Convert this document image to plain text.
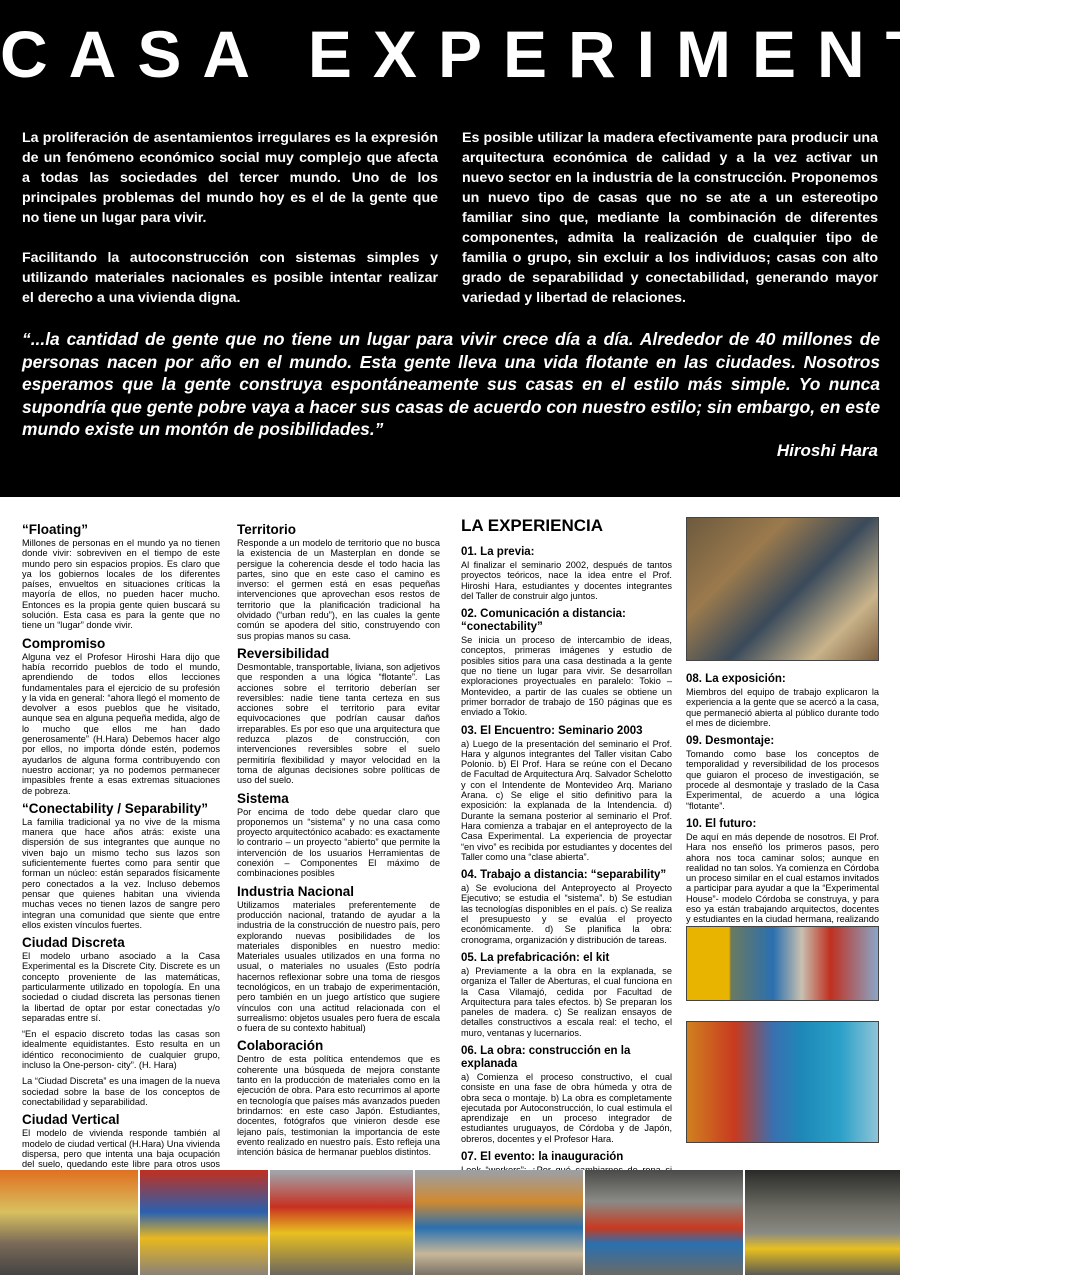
CASA EXPERIMENTAL

La proliferación de asentamientos irregulares es la expresión de un fenómeno económico social muy complejo que afecta a todas las sociedades del tercer mundo. Uno de los principales problemas del mundo hoy es el de la gente que no tiene un lugar para vivir.

Facilitando la autoconstrucción con sistemas simples y utilizando materiales nacionales es posible intentar realizar el derecho a una vivienda digna.

Es posible utilizar la madera efectivamente para producir una arquitectura económica de calidad y a la vez activar un nuevo sector en la industria de la construcción. Proponemos un nuevo tipo de casas que no se ate a un estereotipo familiar sino que, mediante la combinación de diferentes componentes, admita la realización de cualquier tipo de familia o grupo, sin excluir a los individuos; casas con alto grado de separabilidad y conectabilidad, generando mayor variedad y libertad de relaciones.

“...la cantidad de gente que no tiene un lugar para vivir crece día a día. Alrededor de 40 millones de personas nacen por año en el mundo. Esta gente lleva una vida flotante en las ciudades. Nosotros esperamos que la gente construya espontáneamente sus casas en el estilo más simple. Yo nunca supondría que gente pobre vaya a hacer sus casas de acuerdo con nuestro estilo; sin embargo, en este mundo existe un montón de posibilidades.”
Hiroshi Hara
“Floating”

Millones de personas en el mundo ya no tienen donde vivir: sobreviven en el tiempo de este mundo pero sin espacios propios. Es claro que ya los gobiernos locales de los diferentes países, envueltos en situaciones críticas la mayoría de ellos, no pueden hacer mucho. Entonces es la propia gente quien buscará su solución. Esta casa es para la gente que no tiene un “lugar” donde vivir.

Compromiso

Alguna vez el Profesor Hiroshi Hara dijo que había recorrido pueblos de todo el mundo, aprendiendo de todos ellos lecciones fundamentales para el ejercicio de su profesión y la vida en general: “ahora llegó el momento de devolver a esos pueblos que he visitado, aunque sea en alguna pequeña medida, algo de lo mucho que ellos me han dado generosamente” (H.Hara) Debemos hacer algo por ellos, no importa dónde estén, podemos ayudarlos de alguna forma contribuyendo con nuestro accionar; ya no podemos permanecer impasibles frente a esas extremas situaciones de pobreza.

“Conectability / Separability”

La familia tradicional ya no vive de la misma manera que hace años atrás: existe una dispersión de sus integrantes que aunque no viven bajo un mismo techo sus lazos son suficientemente fuertes como para sentir que forman un núcleo: están separados físicamente pero conectados a la vez. Incluso debemos pensar que quienes habitan una vivienda muchas veces no tienen lazos de sangre pero integran una comunidad que siente que entre ellos existen vínculos fuertes.

Ciudad Discreta

El modelo urbano asociado a la Casa Experimental es la Discrete City. Discrete es un concepto proveniente de las matemáticas, particularmente utilizado en topología. En una sociedad o ciudad discreta las personas tienen la libertad de optar por estar conectadas y/o separadas entre sí.

“En el espacio discreto todas las casas son idealmente equidistantes. Esto resulta en un idéntico reconocimiento de cualquier grupo, incluso la One-person- city”. (H. Hara)

La “Ciudad Discreta” es una imagen de la nueva sociedad sobre la base de los conceptos de conectabilidad y separabilidad.

Ciudad Vertical

El modelo de vivienda responde también al modelo de ciudad vertical (H.Hara) Una vivienda dispersa, pero que intenta una baja ocupación del suelo, quedando este libre para otros usos

Territorio

Responde a un modelo de territorio que no busca la existencia de un Masterplan en donde se persigue la coherencia desde el todo hacia las partes, sino que en este caso el camino es inverso: el germen está en esas pequeñas intervenciones que aprovechan esos restos de territorio que la planificación tradicional ha olvidado (“urban redu”), en las cuales la gente común se apodera del sitio, construyendo con sus propias manos su casa.

Reversibilidad

Desmontable, transportable, liviana, son adjetivos que responden a una lógica “flotante”. Las acciones sobre el territorio deberían ser reversibles: nadie tiene tanta certeza en sus acciones sobre el territorio para evitar equivocaciones que podrían causar daños irreparables. Es por eso que una arquitectura que reduzca plazos de construcción, con intervenciones reversibles sobre el suelo permitiría flexibilidad y mayor velocidad en la toma de algunas decisiones sobre políticas de uso del suelo.

Sistema

Por encima de todo debe quedar claro que proponemos un “sistema” y no una casa como proyecto arquitectónico acabado: es exactamente lo contrario – un proyecto “abierto” que permite la intervención de los usuarios Herramientas de conexión – Componentes El máximo de combinaciones posibles

Industria Nacional

Utilizamos materiales preferentemente de producción nacional, tratando de ayudar a la industria de la construcción de nuestro país, pero explorando nuevas posibilidades de los materiales disponibles en nuestro medio: Materiales usuales utilizados en una forma no usual, o materiales no usuales (Esto podría hacernos reflexionar sobre una toma de riesgos tecnológicos, en un trabajo de experimentación, pero también en un juego artístico que sugiere vínculos con una actitud relacionada con el surrealismo: objetos usuales pero fuera de escala o fuera de su contexto habitual)

Colaboración

Dentro de esta política entendemos que es coherente una búsqueda de mejora constante tanto en la producción de materiales como en la ejecución de obra. Para esto recurrimos al aporte en tecnología que países más avanzados pueden brindarnos: en este caso Japón. Estudiantes, docentes, fotógrafos que vinieron desde ese lejano país, testimonian la importancia de este evento realizado en nuestro país. Esto refleja una intención básica de hermanar pueblos distintos.

LA EXPERIENCIA
01. La previa:

Al finalizar el seminario 2002, después de tantos proyectos teóricos, nace la idea entre el Prof. Hiroshi Hara, estudiantes y docentes integrantes del Taller de construir algo juntos.

02. Comunicación a distancia: “conectability”

Se inicia un proceso de intercambio de ideas, conceptos, primeras imágenes y estudio de posibles sitios para una casa destinada a la gente que no tiene un lugar para vivir. Se desarrollan exploraciones proyectuales en paralelo: Tokio – Montevideo, a partir de las cuales se obtiene un primer borrador de trabajo de 150 páginas que es enviado a Tokio.

03. El Encuentro: Seminario 2003

a) Luego de la presentación del seminario el Prof. Hara y algunos integrantes del Taller visitan Cabo Polonio. b) El Prof. Hara se reúne con el Decano de Facultad de Arquitectura Arq. Salvador Schelotto y con el Intendente de Montevideo Arq. Mariano Arana. c) Se elige el sitio definitivo para la exposición: la explanada de la Intendencia. d) Durante la semana posterior al seminario el Prof. Hara comienza a trabajar en el anteproyecto de la Casa Experimental. La experiencia de proyectar “en vivo” es recibida por estudiantes y docentes del Taller como una “clase abierta”.

04. Trabajo a distancia: “separability”

a) Se evoluciona del Anteproyecto al Proyecto Ejecutivo; se estudia el “sistema”. b) Se estudian las tecnologías disponibles en el país. c) Se realiza el presupuesto y se evalúa el proyecto económicamente. d) Se planifica la obra: cronograma, organización y distribución de tareas.

05. La prefabricación: el kit

a) Previamente a la obra en la explanada, se organiza el Taller de Aberturas, el cual funciona en la Casa Vilamajó, cedida por Facultad de Arquitectura para tales efectos. b) Se preparan los paneles de madera. c) Se realizan ensayos de detalles constructivos a escala real: el techo, el muro, ventanas y lucernarios.

06. La obra: construcción en la explanada

a) Comienza el proceso constructivo, el cual consiste en una fase de obra húmeda y otra de obra seca o montaje. b) La obra es completamente ejecutada por Autoconstrucción, lo cual estimula el aprendizaje en un proceso integrador de estudiantes uruguayos, de Córdoba y de Japón, obreros, docentes y el Profesor Hara.

07. El evento: la inauguración

08. La exposición:

Miembros del equipo de trabajo explicaron la experiencia a la gente que se acercó a la casa, que permaneció abierta al público durante todo el mes de diciembre.

09. Desmontaje:

Tomando como base los conceptos de temporalidad y reversibilidad de los procesos que guiaron el proceso de investigación, se procede al desmontaje y traslado de la Casa Experimental, de acuerdo a una lógica “flotante”.

10. El futuro:

De aquí en más depende de nosotros. El Prof. Hara nos enseñó los primeros pasos, pero ahora nos toca caminar solos; aunque en realidad no tan solos. Ya comienza en Córdoba un proceso similar en el cual estamos invitados a participar para ayudar a que la “Experimental House”- modelo Córdoba se construya, y para eso ya están trabajando arquitectos, docentes y estudiantes en la ciudad hermana, realizando
